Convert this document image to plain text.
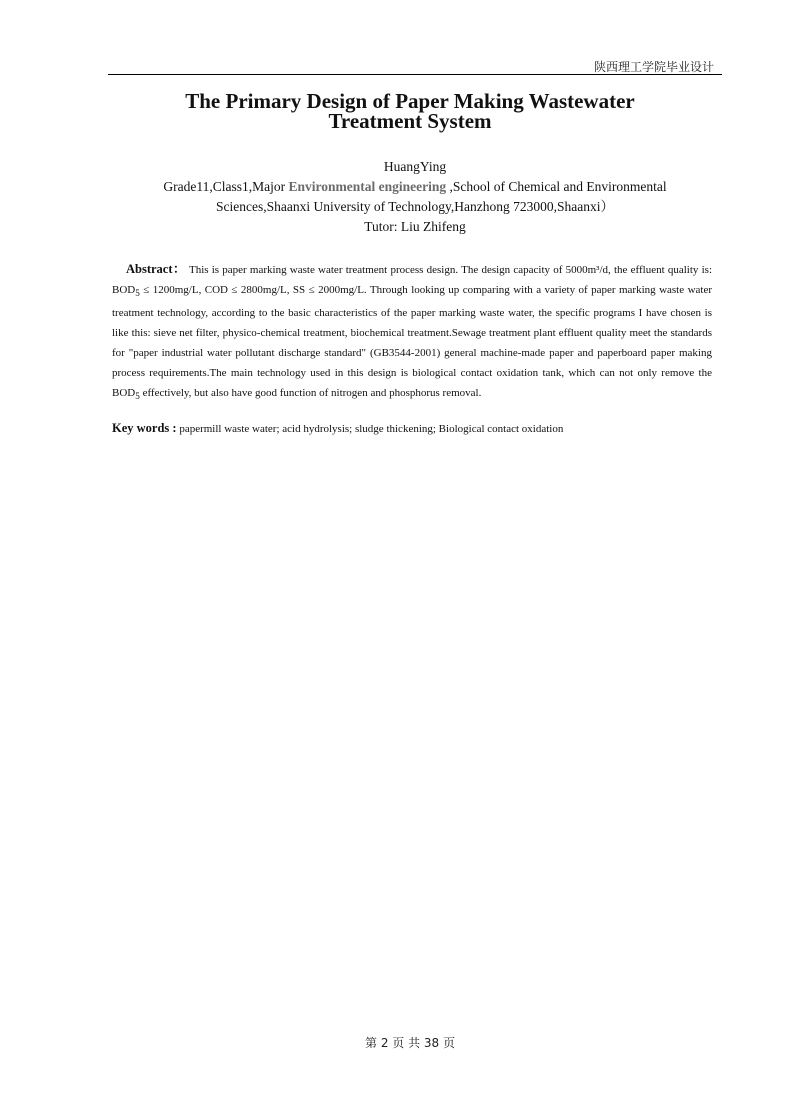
陕西理工学院毕业设计
The Primary Design of Paper Making Wastewater
Treatment System
HuangYing
Grade11,Class1,Major Environmental engineering ,School of Chemical and Environmental
Sciences,Shaanxi University of Technology,Hanzhong 723000,Shaanxi）
Tutor: Liu Zhifeng
Abstract： This is paper marking waste water treatment process design. The design capacity of 5000m³/d, the effluent quality is: $BOD_5 \le 1200mg/L$, COD ≤ 2800mg/L, SS ≤ 2000mg/L. Through looking up comparing with a variety of paper marking waste water treatment technology, according to the basic characteristics of the paper marking waste water, the specific programs I have chosen is like this: sieve net filter, physico-chemical treatment, biochemical treatment.Sewage treatment plant effluent quality meet the standards for "paper industrial water pollutant discharge standard" (GB3544-2001) general machine-made paper and paperboard paper making process requirements.The main technology used in this design is biological contact oxidation tank, which can not only remove the $BOD_5$ effectively, but also have good function of nitrogen and phosphorus removal.
Key words : papermill waste water; acid hydrolysis; sludge thickening; Biological contact oxidation
第 2 页 共 38 页
